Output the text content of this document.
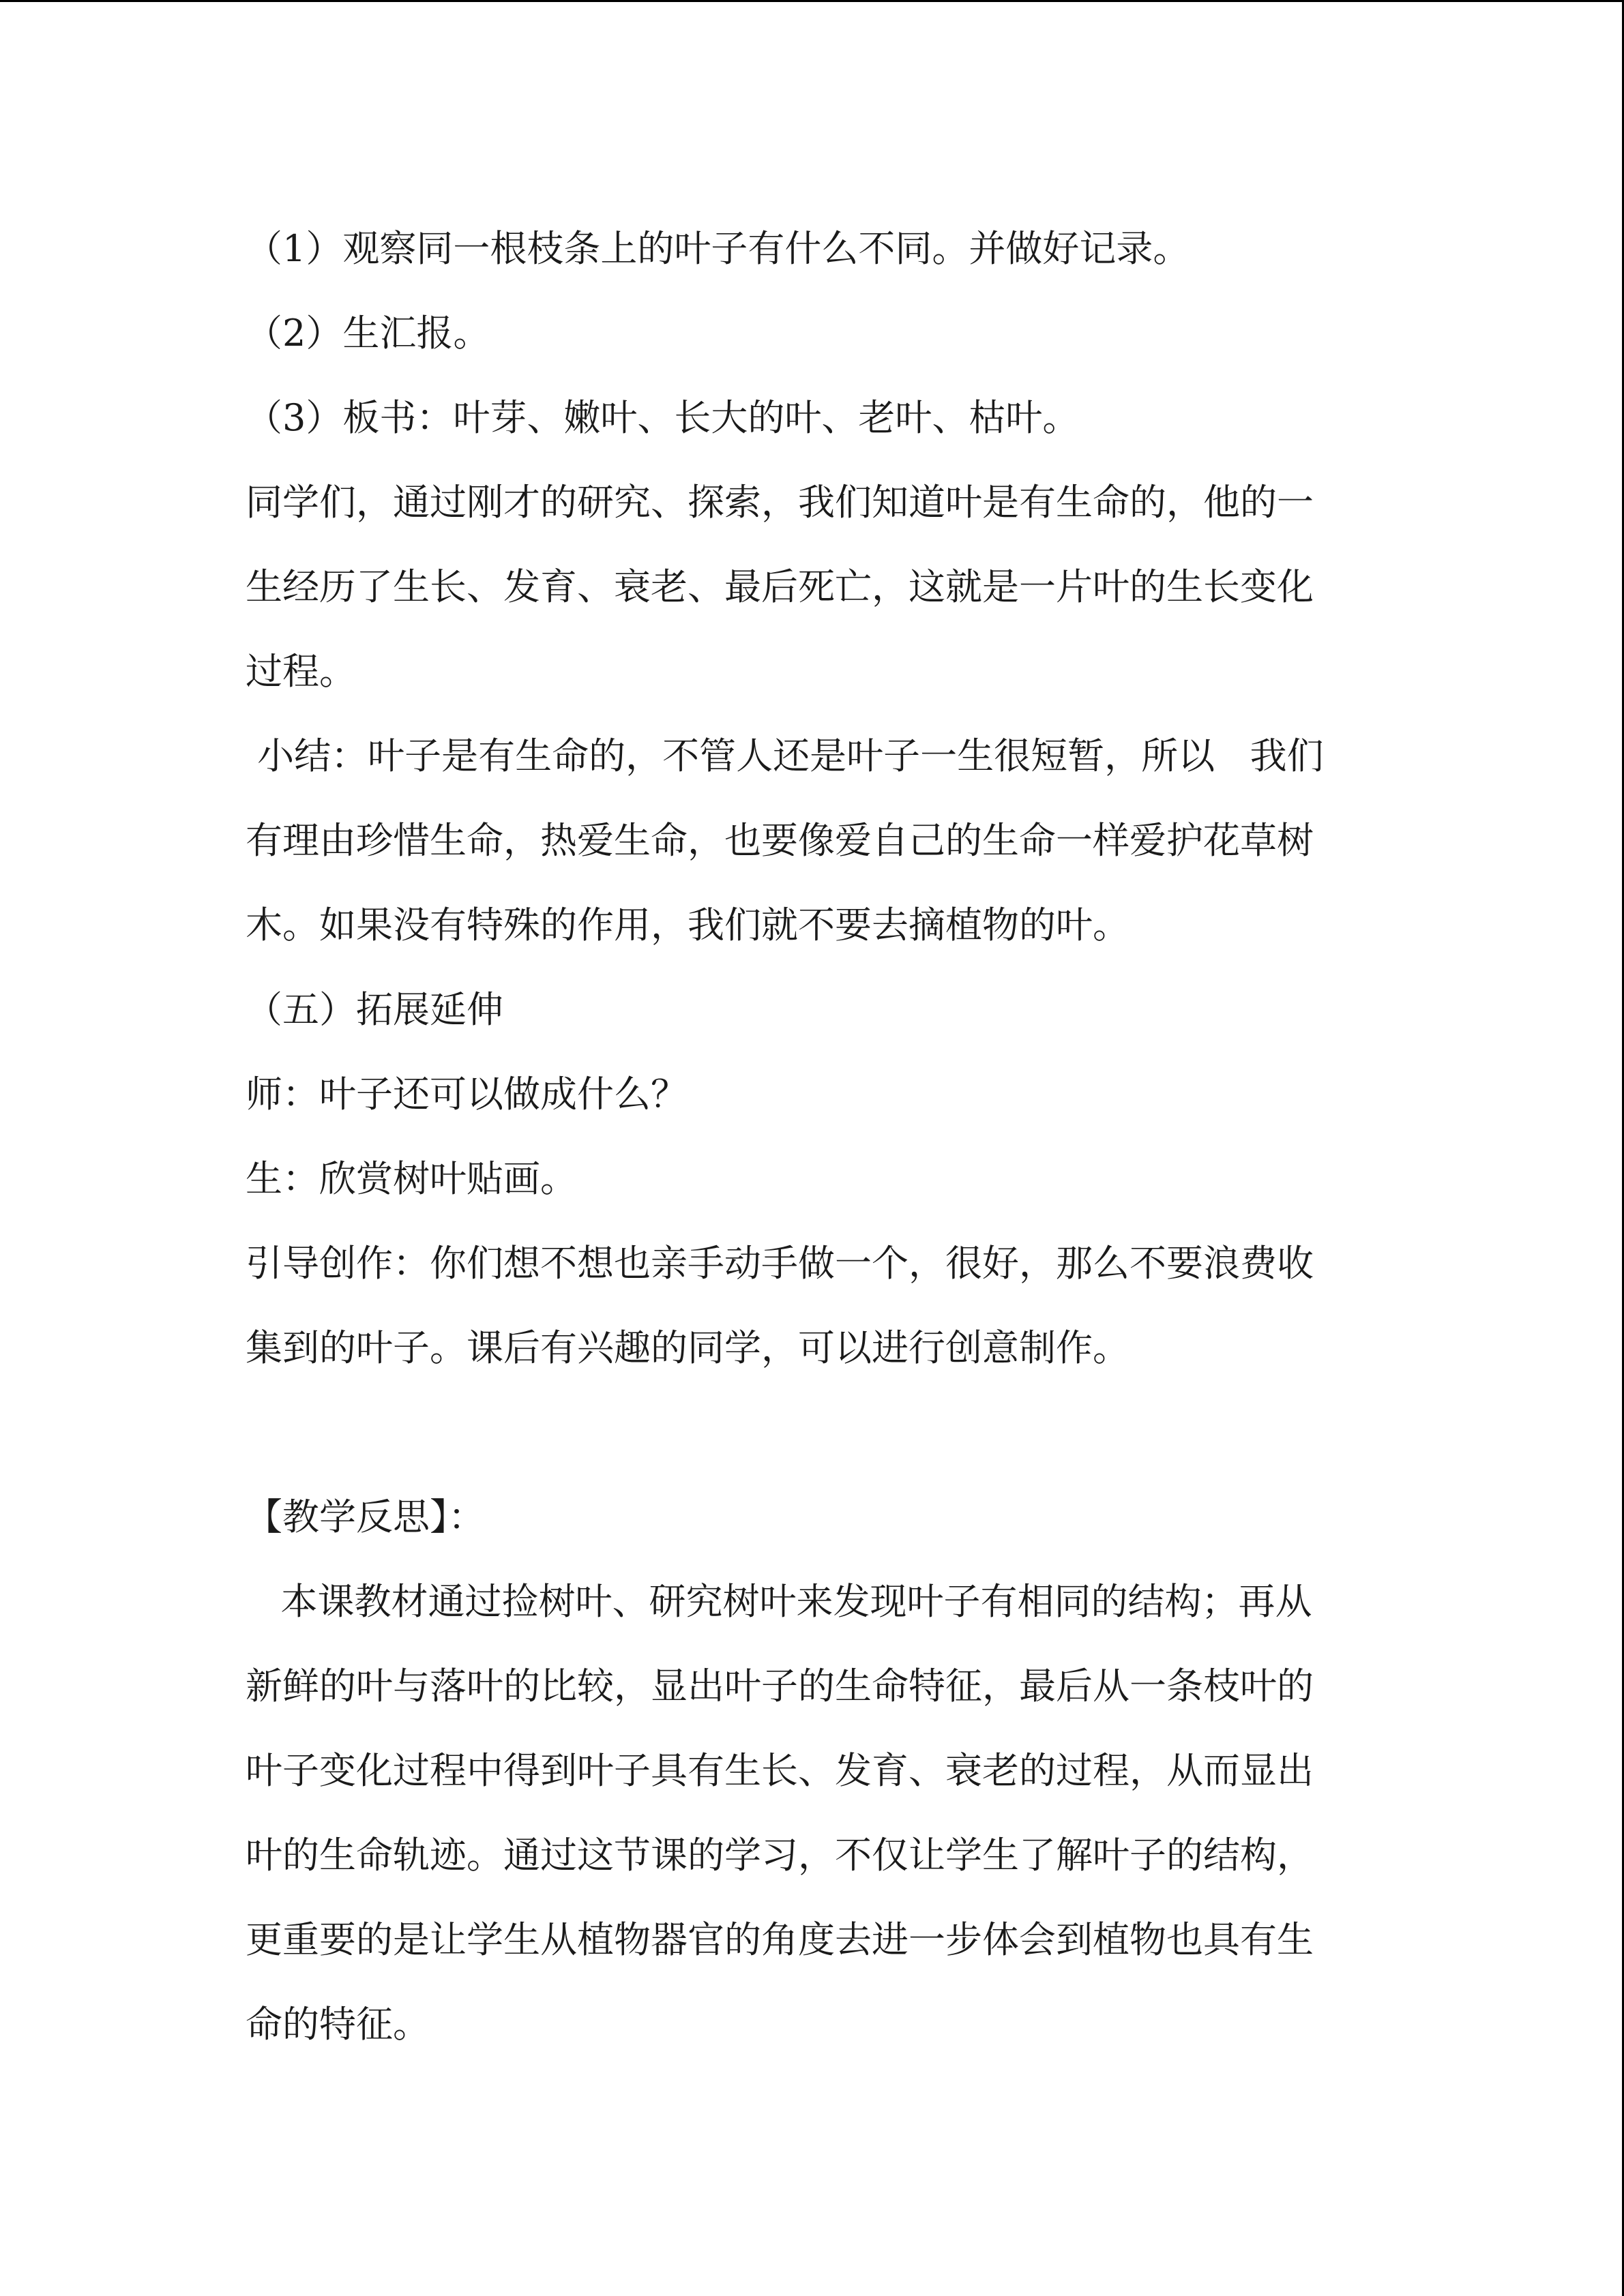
（1）观察同一根枝条上的叶子有什么不同。并做好记录。
（2）生汇报。
（3）板书：叶芽、嫩叶、长大的叶、老叶、枯叶。
同学们，通过刚才的研究、探索，我们知道叶是有生命的，他的一
生经历了生长、发育、衰老、最后死亡，这就是一片叶的生长变化
过程。
小结：叶子是有生命的，不管人还是叶子一生很短暂，所以   我们
有理由珍惜生命，热爱生命，也要像爱自己的生命一样爱护花草树
木。如果没有特殊的作用，我们就不要去摘植物的叶。
（五）拓展延伸
师：叶子还可以做成什么？
生：欣赏树叶贴画。
引导创作：你们想不想也亲手动手做一个，很好，那么不要浪费收
集到的叶子。课后有兴趣的同学，可以进行创意制作。
【教学反思】：
本课教材通过捡树叶、研究树叶来发现叶子有相同的结构；再从
新鲜的叶与落叶的比较，显出叶子的生命特征，最后从一条枝叶的
叶子变化过程中得到叶子具有生长、发育、衰老的过程，从而显出
叶的生命轨迹。通过这节课的学习，不仅让学生了解叶子的结构，
更重要的是让学生从植物器官的角度去进一步体会到植物也具有生
命的特征。
